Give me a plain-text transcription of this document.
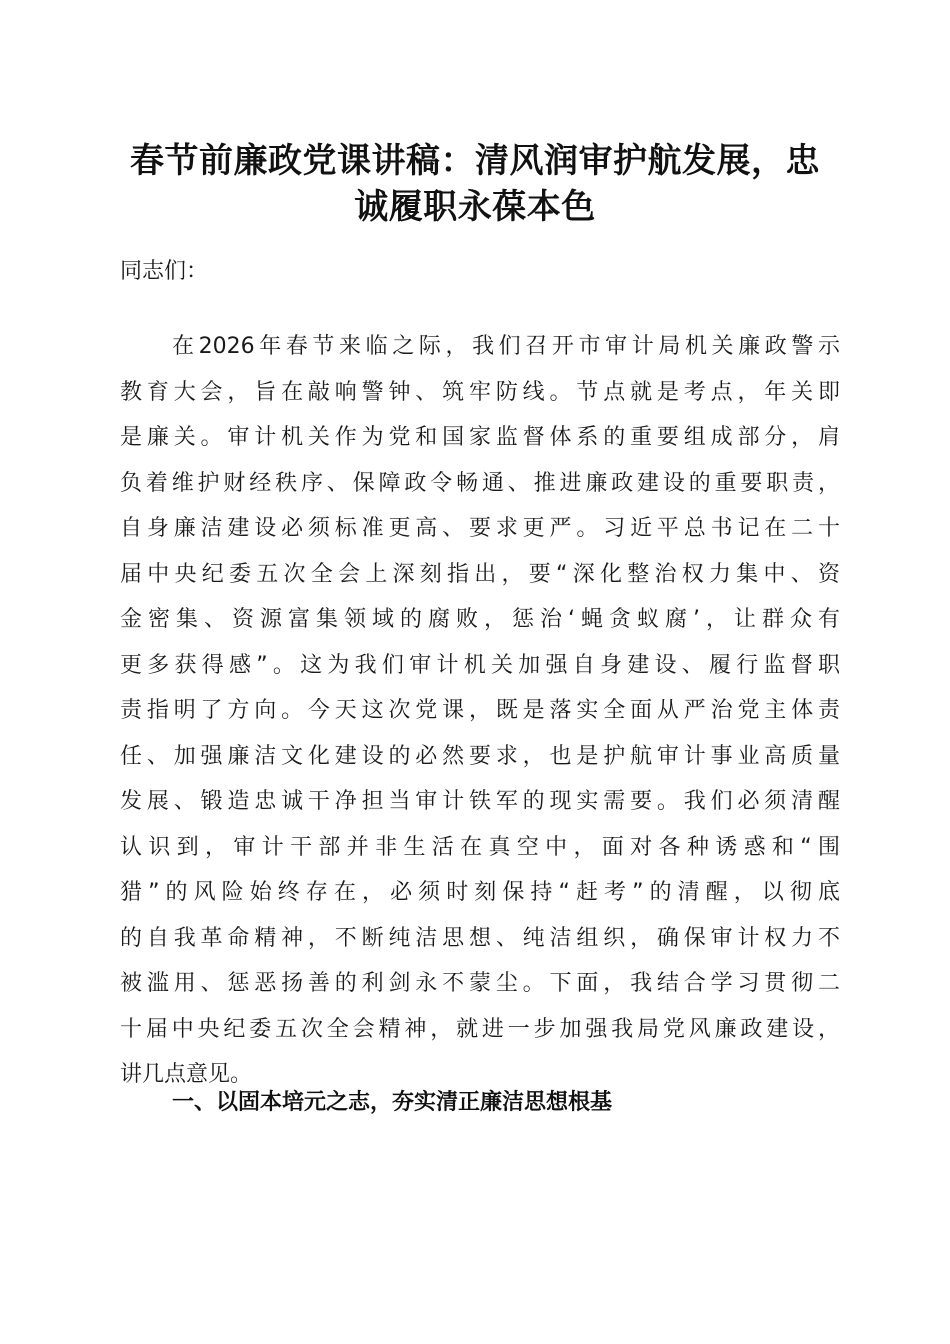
春节前廉政党课讲稿：清风润审护航发展，忠
诚履职永葆本色

同志们：

在2026年春节来临之际，我们召开市审计局机关廉政警示
教育大会，旨在敲响警钟、筑牢防线。节点就是考点，年关即
是廉关。审计机关作为党和国家监督体系的重要组成部分，肩
负着维护财经秩序、保障政令畅通、推进廉政建设的重要职责，
自身廉洁建设必须标准更高、要求更严。习近平总书记在二十
届中央纪委五次全会上深刻指出，要“深化整治权力集中、资
金密集、资源富集领域的腐败，惩治‘蝇贪蚁腐’，让群众有
更多获得感”。这为我们审计机关加强自身建设、履行监督职
责指明了方向。今天这次党课，既是落实全面从严治党主体责
任、加强廉洁文化建设的必然要求，也是护航审计事业高质量
发展、锻造忠诚干净担当审计铁军的现实需要。我们必须清醒
认识到，审计干部并非生活在真空中，面对各种诱惑和“围
猎”的风险始终存在，必须时刻保持“赶考”的清醒，以彻底
的自我革命精神，不断纯洁思想、纯洁组织，确保审计权力不
被滥用、惩恶扬善的利剑永不蒙尘。下面，我结合学习贯彻二
十届中央纪委五次全会精神，就进一步加强我局党风廉政建设，
讲几点意见。
一、以固本培元之志，夯实清正廉洁思想根基
